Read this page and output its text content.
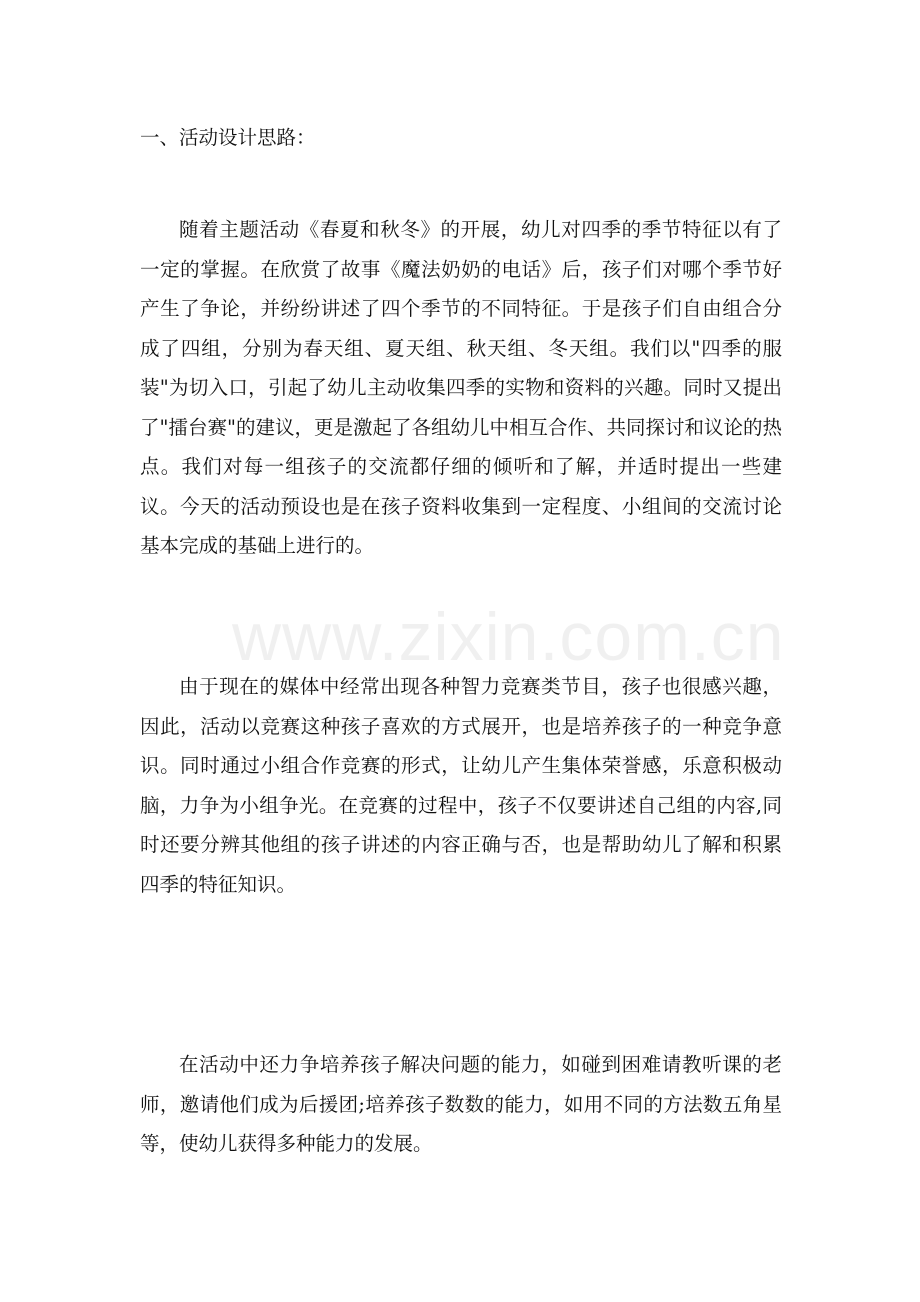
一、活动设计思路：

随着主题活动《春夏和秋冬》的开展，幼儿对四季的季节特征以有了一定的掌握。在欣赏了故事《魔法奶奶的电话》后，孩子们对哪个季节好产生了争论，并纷纷讲述了四个季节的不同特征。于是孩子们自由组合分成了四组，分别为春天组、夏天组、秋天组、冬天组。我们以"四季的服装"为切入口，引起了幼儿主动收集四季的实物和资料的兴趣。同时又提出了"擂台赛"的建议，更是激起了各组幼儿中相互合作、共同探讨和议论的热点。我们对每一组孩子的交流都仔细的倾听和了解，并适时提出一些建议。今天的活动预设也是在孩子资料收集到一定程度、小组间的交流讨论基本完成的基础上进行的。

www.zixin.com.cn

由于现在的媒体中经常出现各种智力竞赛类节目，孩子也很感兴趣，因此，活动以竞赛这种孩子喜欢的方式展开，也是培养孩子的一种竞争意识。同时通过小组合作竞赛的形式，让幼儿产生集体荣誉感，乐意积极动脑，力争为小组争光。在竞赛的过程中，孩子不仅要讲述自己组的内容,同时还要分辨其他组的孩子讲述的内容正确与否，也是帮助幼儿了解和积累四季的特征知识。

在活动中还力争培养孩子解决问题的能力，如碰到困难请教听课的老师，邀请他们成为后援团;培养孩子数数的能力，如用不同的方法数五角星等，使幼儿获得多种能力的发展。
